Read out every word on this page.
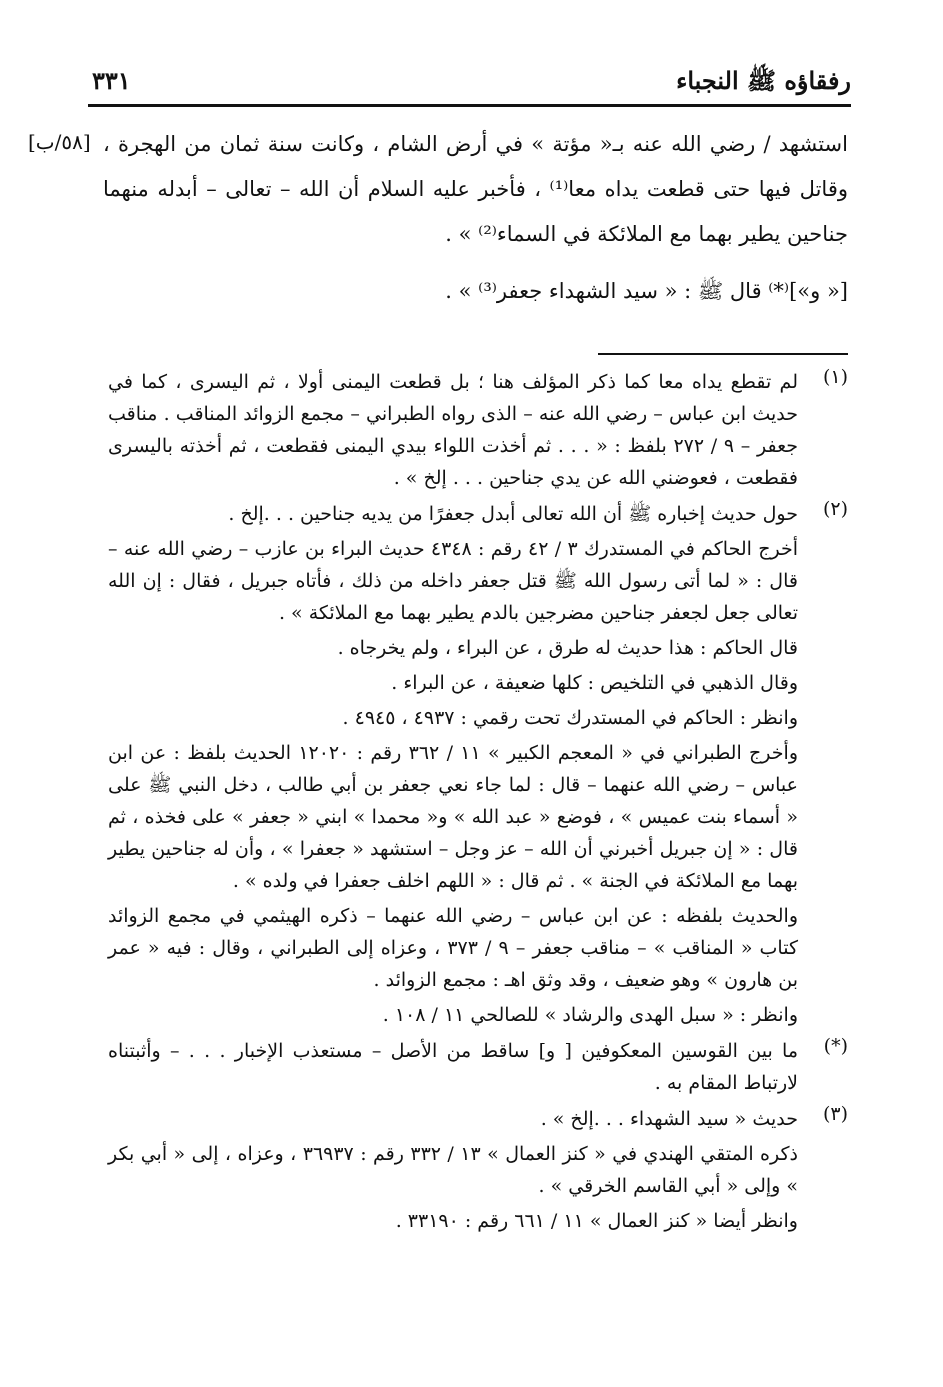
رفقاؤه ﷺ النجباء
٣٣١
[٥٨/ب] استشهد / رضي الله عنه بـ« مؤتة » في أرض الشام ، وكانت سنة ثمان من الهجرة ، وقاتل فيها حتى قطعت يداه معا⁽¹⁾ ، فأخبر عليه السلام أن الله – تعالى – أبدله منهما جناحين يطير بهما مع الملائكة في السماء⁽²⁾ » .

[« و»]⁽*⁾ قال ﷺ : « سيد الشهداء جعفر⁽³⁾ » .

(١)

لم تقطع يداه معا كما ذكر المؤلف هنا ؛ بل قطعت اليمنى أولا ، ثم اليسرى ، كما في حديث ابن عباس – رضي الله عنه – الذى رواه الطبراني – مجمع الزوائد المناقب . مناقب جعفر – ٩ / ٢٧٢ بلفظ : « . . . ثم أخذت اللواء بيدي اليمنى فقطعت ، ثم أخذته باليسرى فقطعت ، فعوضني الله عن يدي جناحين . . . إلخ » .

(٢)

حول حديث إخباره ﷺ أن الله تعالى أبدل جعفرًا من يديه جناحين . . .إلخ .

أخرج الحاكم في المستدرك ٣ / ٤٢ رقم : ٤٣٤٨ حديث البراء بن عازب – رضي الله عنه – قال : « لما أتى رسول الله ﷺ قتل جعفر داخله من ذلك ، فأتاه جبريل ، فقال : إن الله تعالى جعل لجعفر جناحين مضرجين بالدم يطير بهما مع الملائكة » .

قال الحاكم : هذا حديث له طرق ، عن البراء ، ولم يخرجاه .

وقال الذهبي في التلخيص : كلها ضعيفة ، عن البراء .

وانظر : الحاكم في المستدرك تحت رقمي : ٤٩٣٧ ، ٤٩٤٥ .

وأخرج الطبراني في « المعجم الكبير » ١١ / ٣٦٢ رقم : ١٢٠٢٠ الحديث بلفظ : عن ابن عباس – رضي الله عنهما – قال : لما جاء نعي جعفر بن أبي طالب ، دخل النبي ﷺ على « أسماء بنت عميس » ، فوضع « عبد الله » و« محمدا » ابني « جعفر » على فخذه ، ثم قال : « إن جبريل أخبرني أن الله – عز وجل – استشهد « جعفرا » ، وأن له جناحين يطير بهما مع الملائكة في الجنة » . ثم قال : « اللهم اخلف جعفرا في ولده » .

والحديث بلفظه : عن ابن عباس – رضي الله عنهما – ذكره الهيثمي في مجمع الزوائد كتاب « المناقب » – مناقب جعفر – ٩ / ٣٧٣ ، وعزاه إلى الطبراني ، وقال : فيه « عمر بن هارون » وهو ضعيف ، وقد وثق اهـ : مجمع الزوائد .

وانظر : « سبل الهدى والرشاد » للصالحي ١١ / ١٠٨ .

(*)

ما بين القوسين المعكوفين [ و] ساقط من الأصل – مستعذب الإخبار . . . – وأثبتناه لارتباط المقام به .

(٣)

حديث « سيد الشهداء . . .إلخ » .

ذكره المتقي الهندي في « كنز العمال » ١٣ / ٣٣٢ رقم : ٣٦٩٣٧ ، وعزاه ، إلى « أبي بكر » وإلى « أبي القاسم الخرقي » .

وانظر أيضا « كنز العمال » ١١ / ٦٦١ رقم : ٣٣١٩٠ .
